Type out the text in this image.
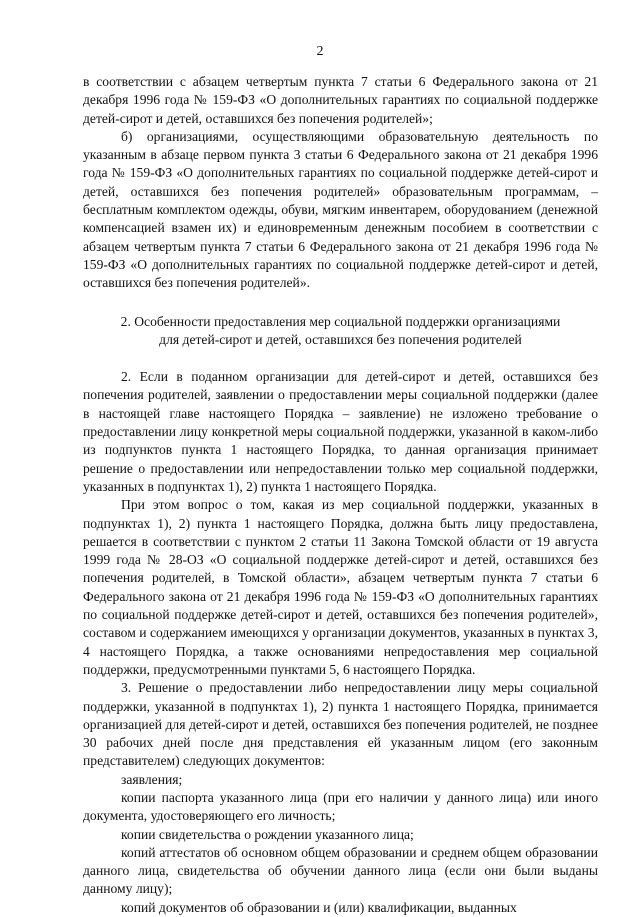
2

в соответствии с абзацем четвертым пункта 7 статьи 6 Федерального закона от 21 декабря 1996 года № 159-ФЗ «О дополнительных гарантиях по социальной поддержке детей-сирот и детей, оставшихся без попечения родителей»;

б) организациями, осуществляющими образовательную деятельность по указанным в абзаце первом пункта 3 статьи 6 Федерального закона от 21 декабря 1996 года № 159-ФЗ «О дополнительных гарантиях по социальной поддержке детей-сирот и детей, оставшихся без попечения родителей» образовательным программам, – бесплатным комплектом одежды, обуви, мягким инвентарем, оборудованием (денежной компенсацией взамен их) и единовременным денежным пособием в соответствии с абзацем четвертым пункта 7 статьи 6 Федерального закона от 21 декабря 1996 года № 159-ФЗ «О дополнительных гарантиях по социальной поддержке детей-сирот и детей, оставшихся без попечения родителей».

2. Особенности предоставления мер социальной поддержки организациями
для детей-сирот и детей, оставшихся без попечения родителей

2. Если в поданном организации для детей-сирот и детей, оставшихся без попечения родителей, заявлении о предоставлении меры социальной поддержки (далее в настоящей главе настоящего Порядка – заявление) не изложено требование о предоставлении лицу конкретной меры социальной поддержки, указанной в каком-либо из подпунктов пункта 1 настоящего Порядка, то данная организация принимает решение о предоставлении или непредоставлении только мер социальной поддержки, указанных в подпунктах 1), 2) пункта 1 настоящего Порядка.

При этом вопрос о том, какая из мер социальной поддержки, указанных в подпунктах 1), 2) пункта 1 настоящего Порядка, должна быть лицу предоставлена, решается в соответствии с пунктом 2 статьи 11 Закона Томской области от 19 августа 1999 года № 28-ОЗ «О социальной поддержке детей-сирот и детей, оставшихся без попечения родителей, в Томской области», абзацем четвертым пункта 7 статьи 6 Федерального закона от 21 декабря 1996 года № 159-ФЗ «О дополнительных гарантиях по социальной поддержке детей-сирот и детей, оставшихся без попечения родителей», составом и содержанием имеющихся у организации документов, указанных в пунктах 3, 4 настоящего Порядка, а также основаниями непредоставления мер социальной поддержки, предусмотренными пунктами 5, 6 настоящего Порядка.

3. Решение о предоставлении либо непредоставлении лицу меры социальной поддержки, указанной в подпунктах 1), 2) пункта 1 настоящего Порядка, принимается организацией для детей-сирот и детей, оставшихся без попечения родителей, не позднее 30 рабочих дней после дня представления ей указанным лицом (его законным представителем) следующих документов:

заявления;

копии паспорта указанного лица (при его наличии у данного лица) или иного документа, удостоверяющего его личность;

копии свидетельства о рождении указанного лица;

копий аттестатов об основном общем образовании и среднем общем образовании данного лица, свидетельства об обучении данного лица (если они были выданы данному лицу);

копий документов об образовании и (или) квалификации, выданных
